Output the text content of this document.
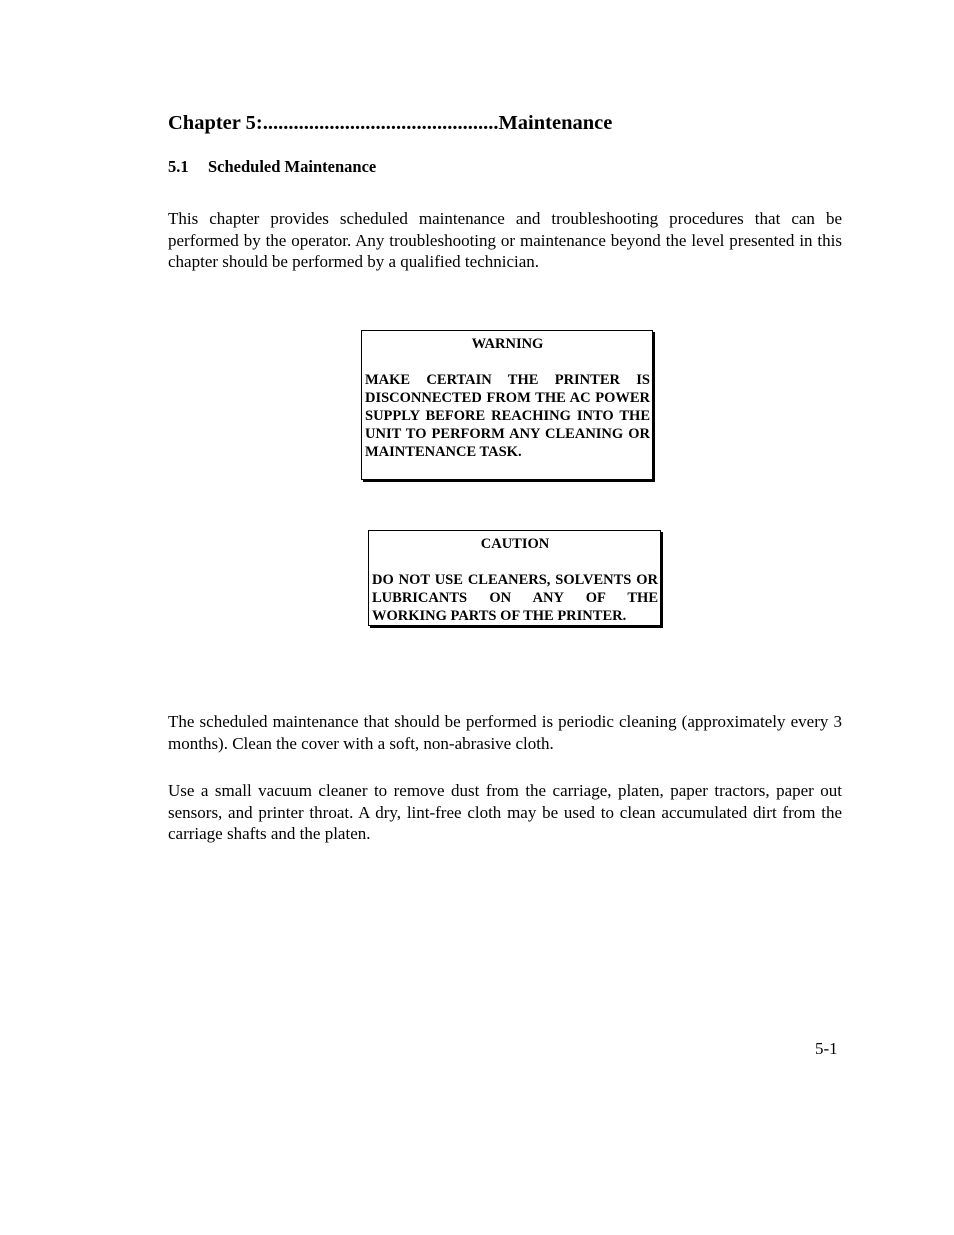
Chapter 5:..............................................Maintenance
5.1 Scheduled Maintenance

This chapter provides scheduled maintenance and troubleshooting procedures that can be performed by the operator. Any troubleshooting or maintenance beyond the level presented in this chapter should be performed by a qualified technician.

WARNING
MAKE CERTAIN THE PRINTER IS DISCONNECTED FROM THE AC POWER SUPPLY BEFORE REACHING INTO THE UNIT TO PERFORM ANY CLEANING OR MAINTENANCE TASK.
CAUTION
DO NOT USE CLEANERS, SOLVENTS OR LUBRICANTS ON ANY OF THE WORKING PARTS OF THE PRINTER.

The scheduled maintenance that should be performed is periodic cleaning (approximately every 3 months). Clean the cover with a soft, non-abrasive cloth.

Use a small vacuum cleaner to remove dust from the carriage, platen, paper tractors, paper out sensors, and printer throat. A dry, lint-free cloth may be used to clean accumulated dirt from the carriage shafts and the platen.

5-1
